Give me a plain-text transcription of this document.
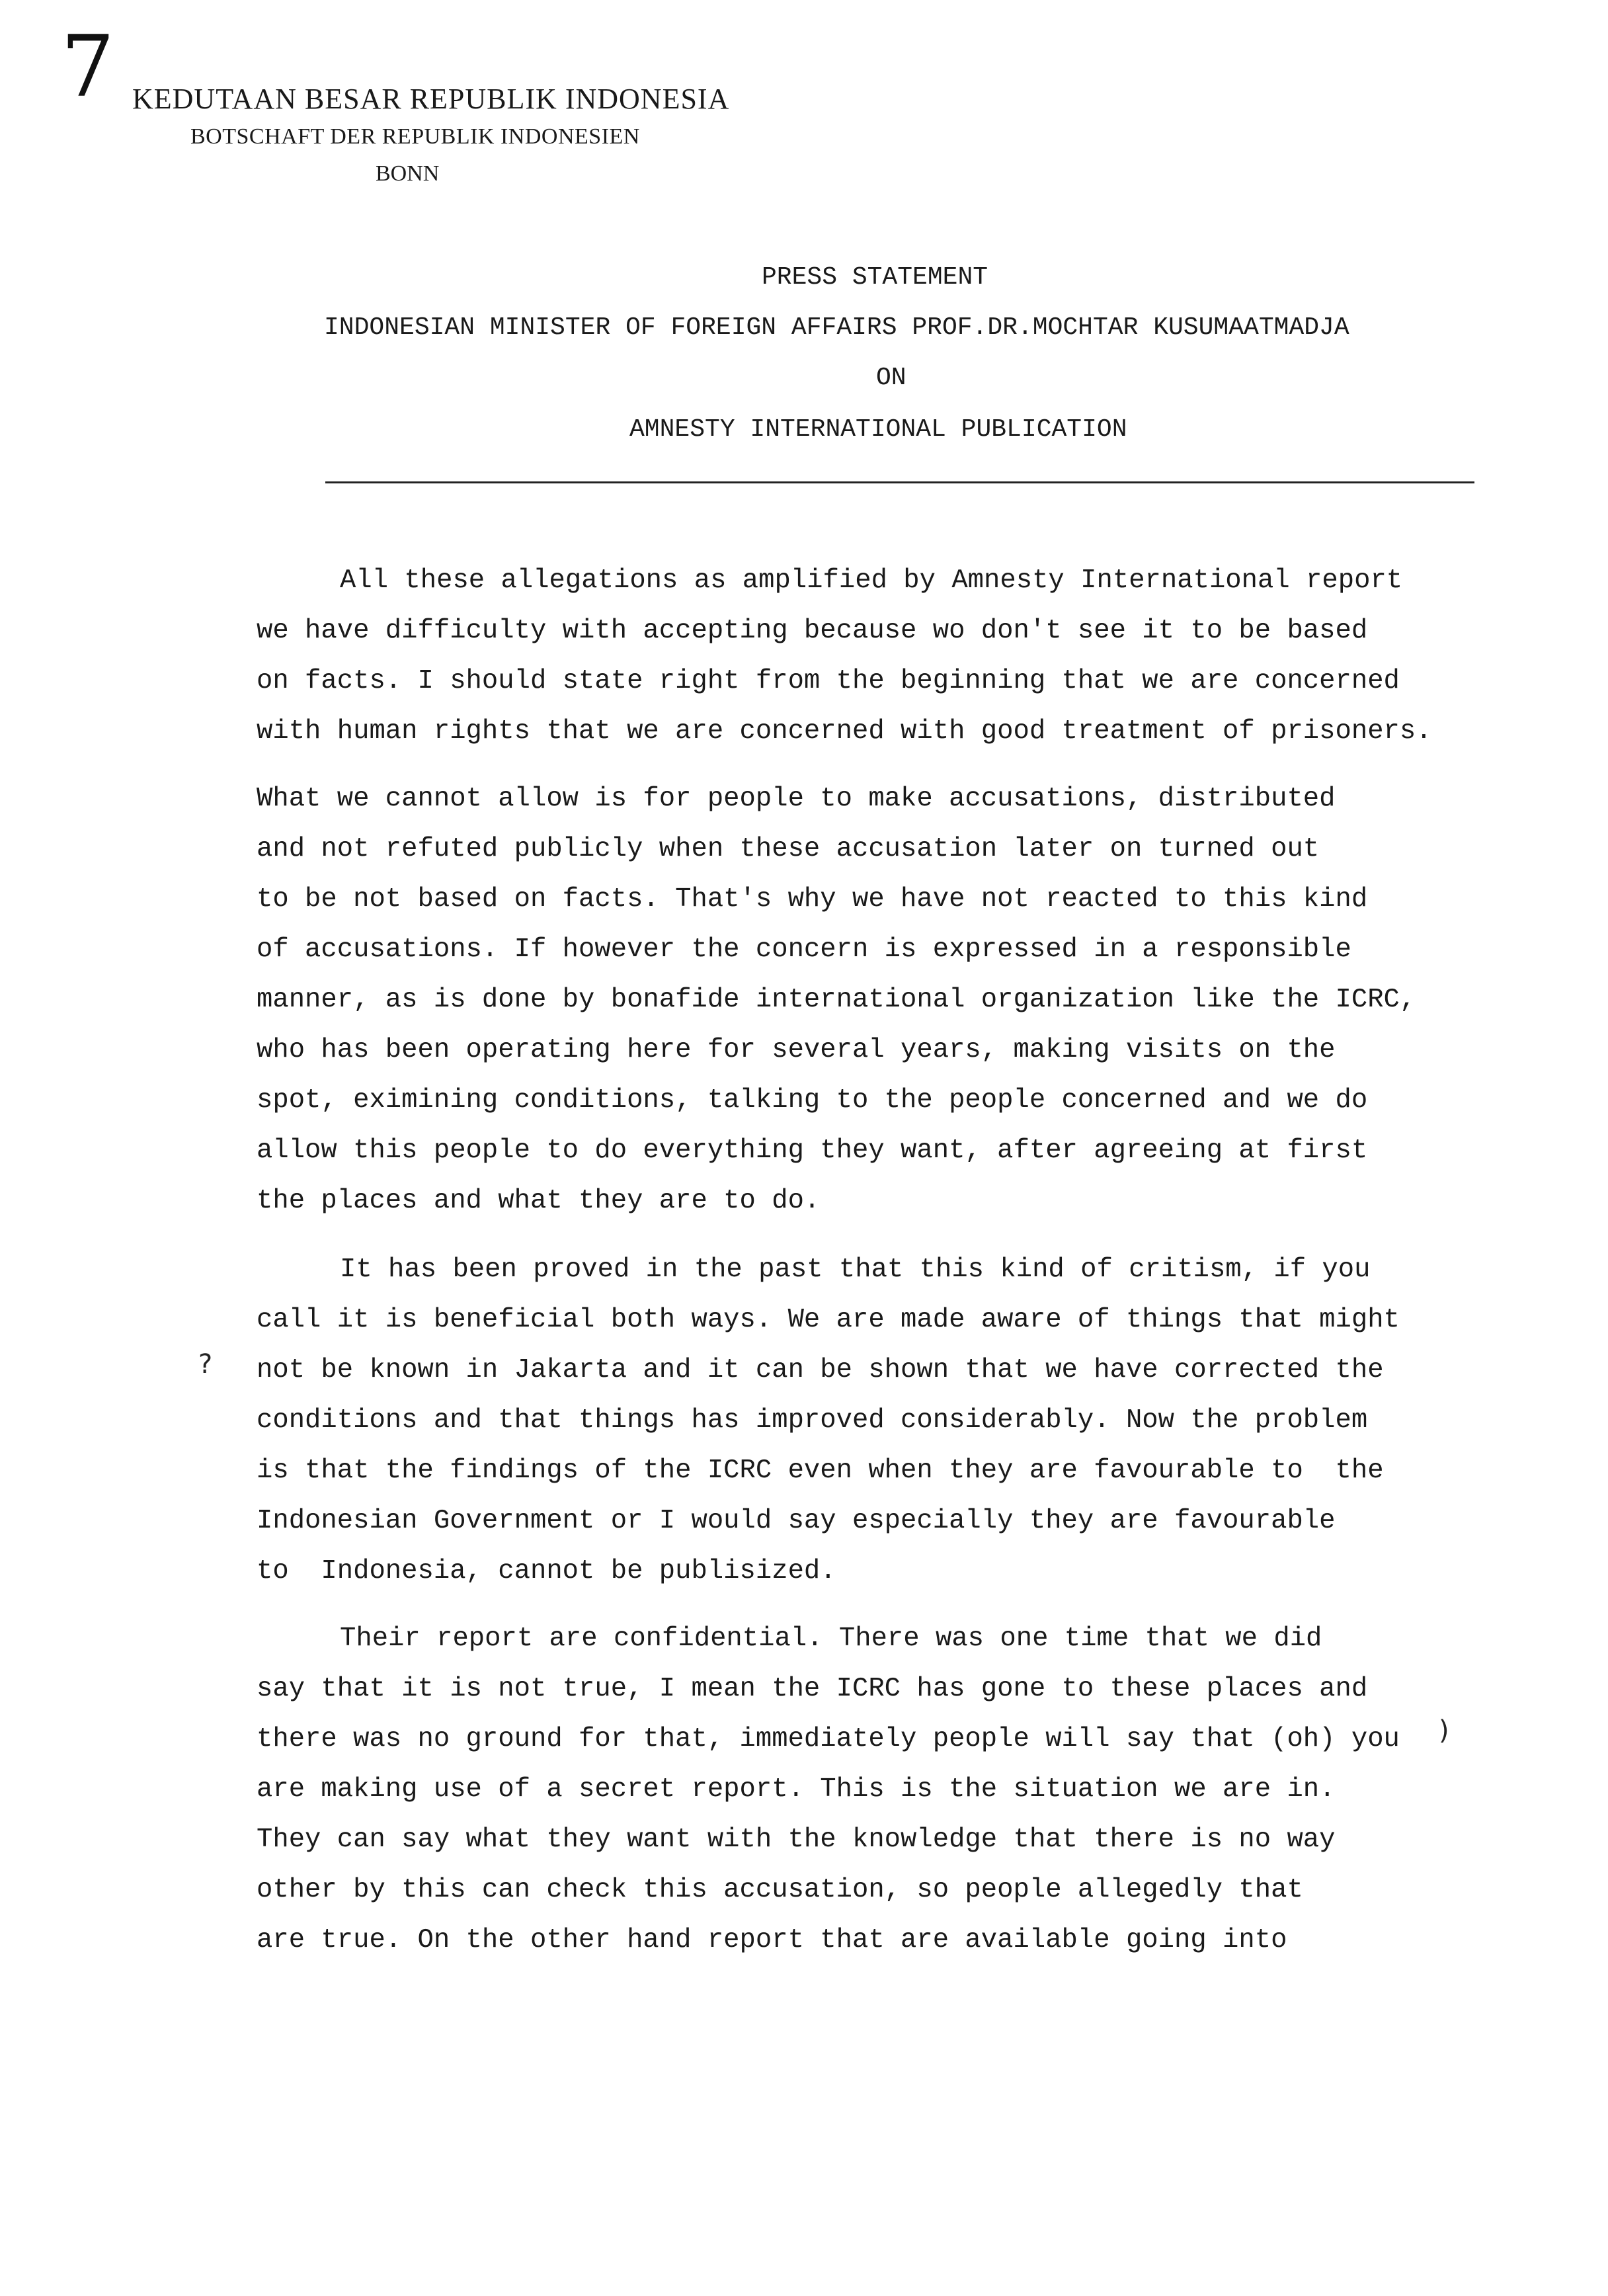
7 KEDUTAAN BESAR REPUBLIK INDONESIA
BOTSCHAFT DER REPUBLIK INDONESIEN
BONN
PRESS STATEMENT
INDONESIAN MINISTER OF FOREIGN AFFAIRS PROF.DR.MOCHTAR KUSUMAATMADJA
ON
AMNESTY INTERNATIONAL PUBLICATION
All these allegations as amplified by Amnesty International report
we have difficulty with accepting because wo don't see it to be based
on facts. I should state right from the beginning that we are concerned
with human rights that we are concerned with good treatment of prisoners.
What we cannot allow is for people to make accusations, distributed
and not refuted publicly when these accusation later on turned out
to be not based on facts. That's why we have not reacted to this kind
of accusations. If however the concern is expressed in a responsible
manner, as is done by bonafide international organization like the ICRC,
who has been operating here for several years, making visits on the
spot, eximining conditions, talking to the people concerned and we do
allow this people to do everything they want, after agreeing at first
the places and what they are to do.
It has been proved in the past that this kind of critism, if you
call it is beneficial both ways. We are made aware of things that might
not be known in Jakarta and it can be shown that we have corrected the
conditions and that things has improved considerably. Now the problem
is that the findings of the ICRC even when they are favourable to  the
Indonesian Government or I would say especially they are favourable
to  Indonesia, cannot be publisized.
Their report are confidential. There was one time that we did
say that it is not true, I mean the ICRC has gone to these places and
there was no ground for that, immediately people will say that (oh) you
are making use of a secret report. This is the situation we are in.
They can say what they want with the knowledge that there is no way
other by this can check this accusation, so people allegedly that
are true. On the other hand report that are available going into
?
)
